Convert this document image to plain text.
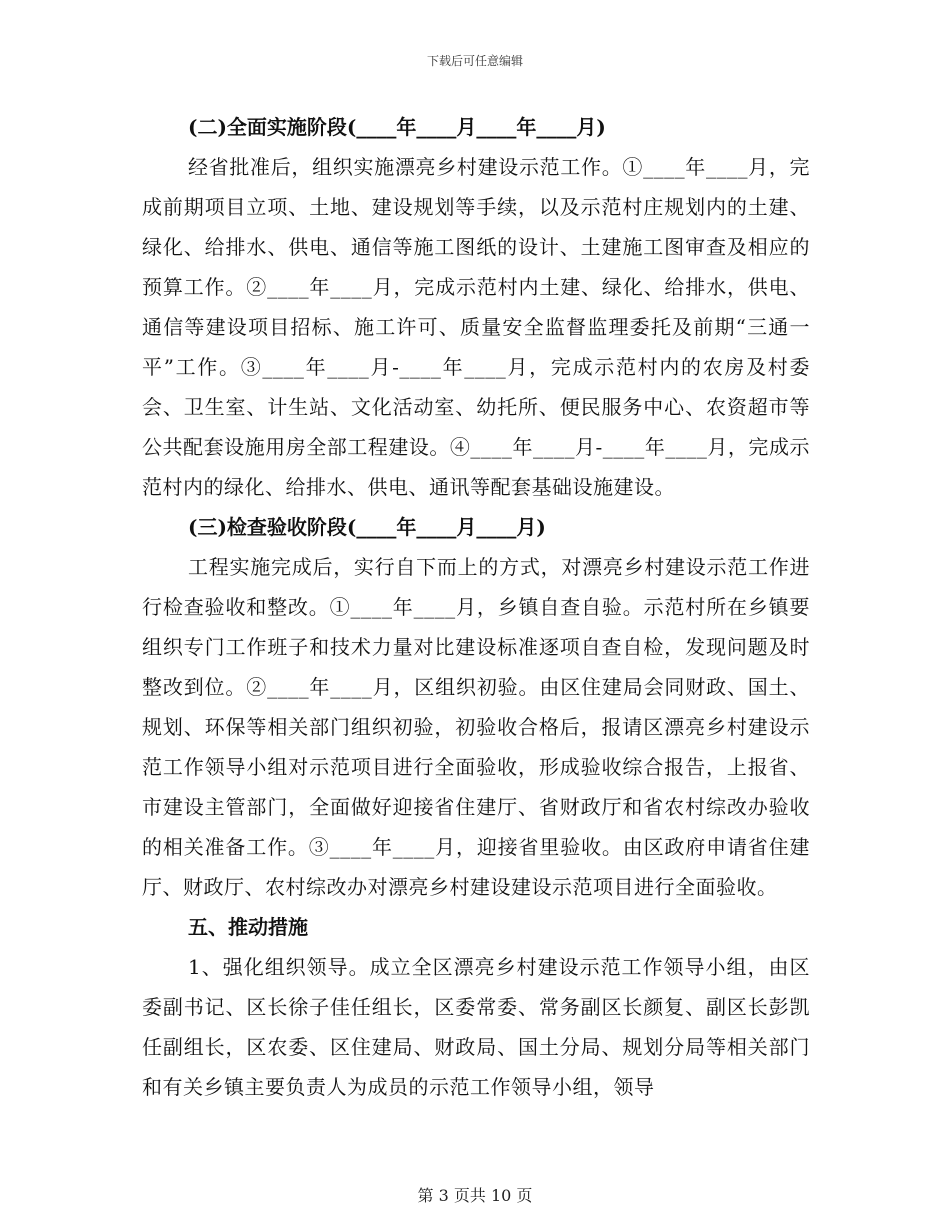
下载后可任意编辑
(二)全面实施阶段(____年____月____年____月)
经省批准后，组织实施漂亮乡村建设示范工作。①____年____月，完成前期项目立项、土地、建设规划等手续，以及示范村庄规划内的土建、绿化、给排水、供电、通信等施工图纸的设计、土建施工图审查及相应的预算工作。②____年____月，完成示范村内土建、绿化、给排水，供电、通信等建设项目招标、施工许可、质量安全监督监理委托及前期“三通一平”工作。③____年____月-____年____月，完成示范村内的农房及村委会、卫生室、计生站、文化活动室、幼托所、便民服务中心、农资超市等公共配套设施用房全部工程建设。④____年____月-____年____月，完成示范村内的绿化、给排水、供电、通讯等配套基础设施建设。
(三)检查验收阶段(____年____月____月)
工程实施完成后，实行自下而上的方式，对漂亮乡村建设示范工作进行检查验收和整改。①____年____月，乡镇自查自验。示范村所在乡镇要组织专门工作班子和技术力量对比建设标准逐项自查自检，发现问题及时整改到位。②____年____月，区组织初验。由区住建局会同财政、国土、规划、环保等相关部门组织初验，初验收合格后，报请区漂亮乡村建设示范工作领导小组对示范项目进行全面验收，形成验收综合报告，上报省、市建设主管部门，全面做好迎接省住建厅、省财政厅和省农村综改办验收的相关准备工作。③____年____月，迎接省里验收。由区政府申请省住建厅、财政厅、农村综改办对漂亮乡村建设建设示范项目进行全面验收。
五、推动措施
1、强化组织领导。成立全区漂亮乡村建设示范工作领导小组，由区委副书记、区长徐子佳任组长，区委常委、常务副区长颜复、副区长彭凯任副组长，区农委、区住建局、财政局、国土分局、规划分局等相关部门和有关乡镇主要负责人为成员的示范工作领导小组，领导
第 3 页共 10 页
